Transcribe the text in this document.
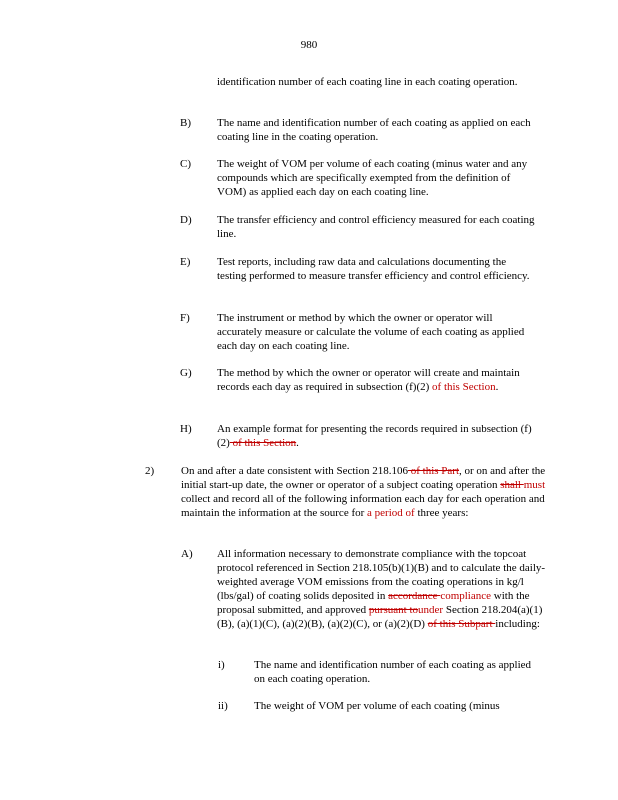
980
identification number of each coating line in each coating operation.
B) The name and identification number of each coating as applied on each coating line in the coating operation.
C) The weight of VOM per volume of each coating (minus water and any compounds which are specifically exempted from the definition of VOM) as applied each day on each coating line.
D) The transfer efficiency and control efficiency measured for each coating line.
E) Test reports, including raw data and calculations documenting the testing performed to measure transfer efficiency and control efficiency.
F) The instrument or method by which the owner or operator will accurately measure or calculate the volume of each coating as applied each day on each coating line.
G) The method by which the owner or operator will create and maintain records each day as required in subsection (f)(2) of this Section.
H) An example format for presenting the records required in subsection (f)(2) of this Section.
2) On and after a date consistent with Section 218.106 of this Part, or on and after the initial start-up date, the owner or operator of a subject coating operation shall must collect and record all of the following information each day for each operation and maintain the information at the source for a period of three years:
A) All information necessary to demonstrate compliance with the topcoat protocol referenced in Section 218.105(b)(1)(B) and to calculate the daily-weighted average VOM emissions from the coating operations in kg/l (lbs/gal) of coating solids deposited in accordance compliance with the proposal submitted, and approved pursuant tounder Section 218.204(a)(1)(B), (a)(1)(C), (a)(2)(B), (a)(2)(C), or (a)(2)(D) of this Subpart including:
i)	The name and identification number of each coating as applied on each coating operation.
ii) The weight of VOM per volume of each coating (minus
